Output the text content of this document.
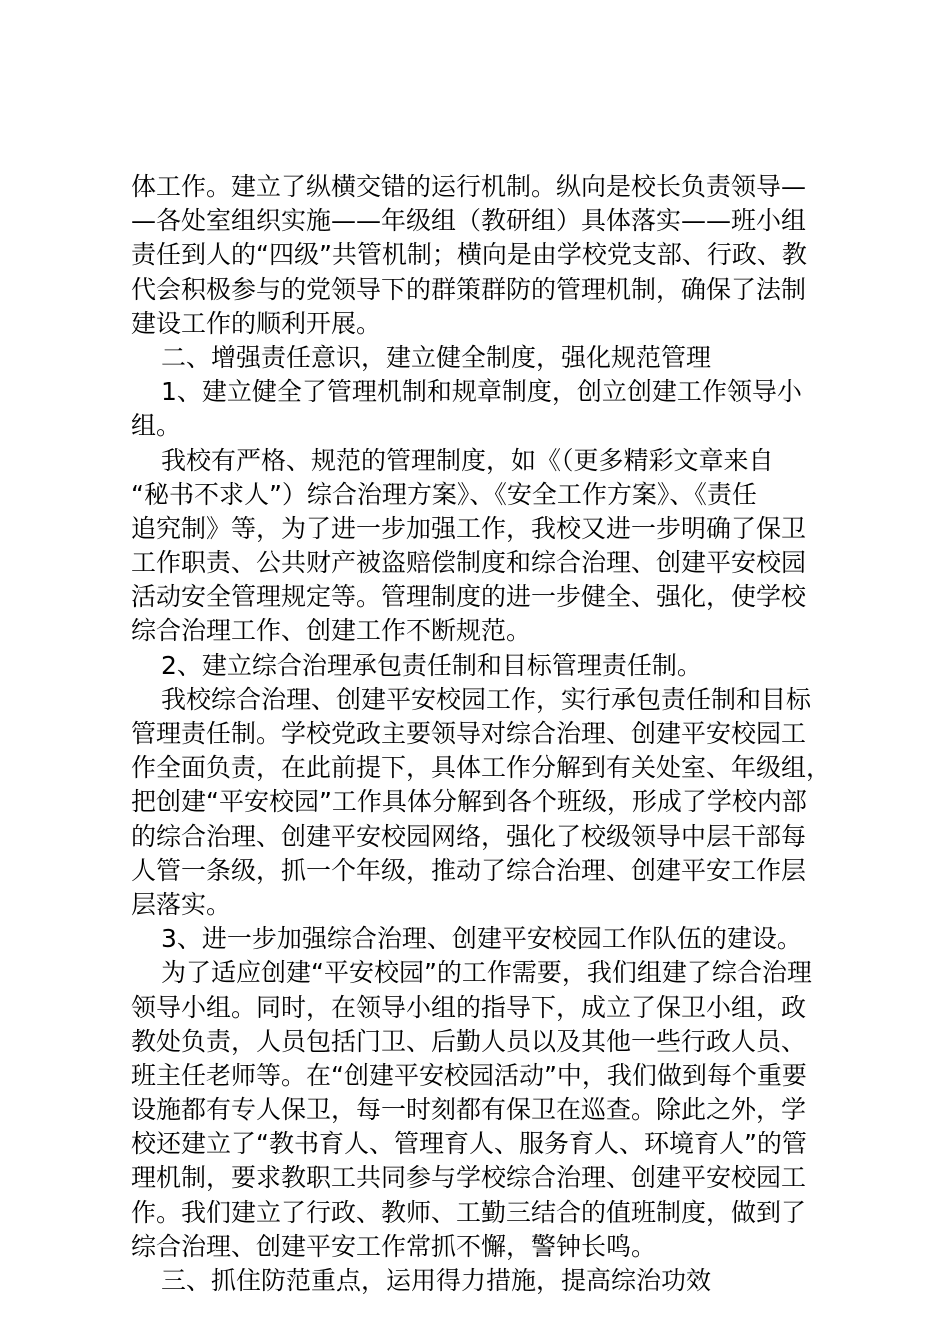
体工作。建立了纵横交错的运行机制。纵向是校长负责领导—
—各处室组织实施——年级组（教研组）具体落实——班小组
责任到人的“四级”共管机制；横向是由学校党支部、行政、教
代会积极参与的党领导下的群策群防的管理机制，确保了法制
建设工作的顺利开展。
二、增强责任意识，建立健全制度，强化规范管理
1、建立健全了管理机制和规章制度，创立创建工作领导小
组。
我校有严格、规范的管理制度，如《（更多精彩文章来自
“秘书不求人”）综合治理方案》、《安全工作方案》、《责任
追究制》等，为了进一步加强工作，我校又进一步明确了保卫
工作职责、公共财产被盗赔偿制度和综合治理、创建平安校园
活动安全管理规定等。管理制度的进一步健全、强化，使学校
综合治理工作、创建工作不断规范。
2、建立综合治理承包责任制和目标管理责任制。
我校综合治理、创建平安校园工作，实行承包责任制和目标
管理责任制。学校党政主要领导对综合治理、创建平安校园工
作全面负责，在此前提下，具体工作分解到有关处室、年级组，
把创建“平安校园”工作具体分解到各个班级，形成了学校内部
的综合治理、创建平安校园网络，强化了校级领导中层干部每
人管一条级，抓一个年级，推动了综合治理、创建平安工作层
层落实。
3、进一步加强综合治理、创建平安校园工作队伍的建设。
为了适应创建“平安校园”的工作需要，我们组建了综合治理
领导小组。同时，在领导小组的指导下，成立了保卫小组，政
教处负责，人员包括门卫、后勤人员以及其他一些行政人员、
班主任老师等。在“创建平安校园活动”中，我们做到每个重要
设施都有专人保卫，每一时刻都有保卫在巡查。除此之外，学
校还建立了“教书育人、管理育人、服务育人、环境育人”的管
理机制，要求教职工共同参与学校综合治理、创建平安校园工
作。我们建立了行政、教师、工勤三结合的值班制度，做到了
综合治理、创建平安工作常抓不懈，警钟长鸣。
三、抓住防范重点，运用得力措施，提高综治功效
